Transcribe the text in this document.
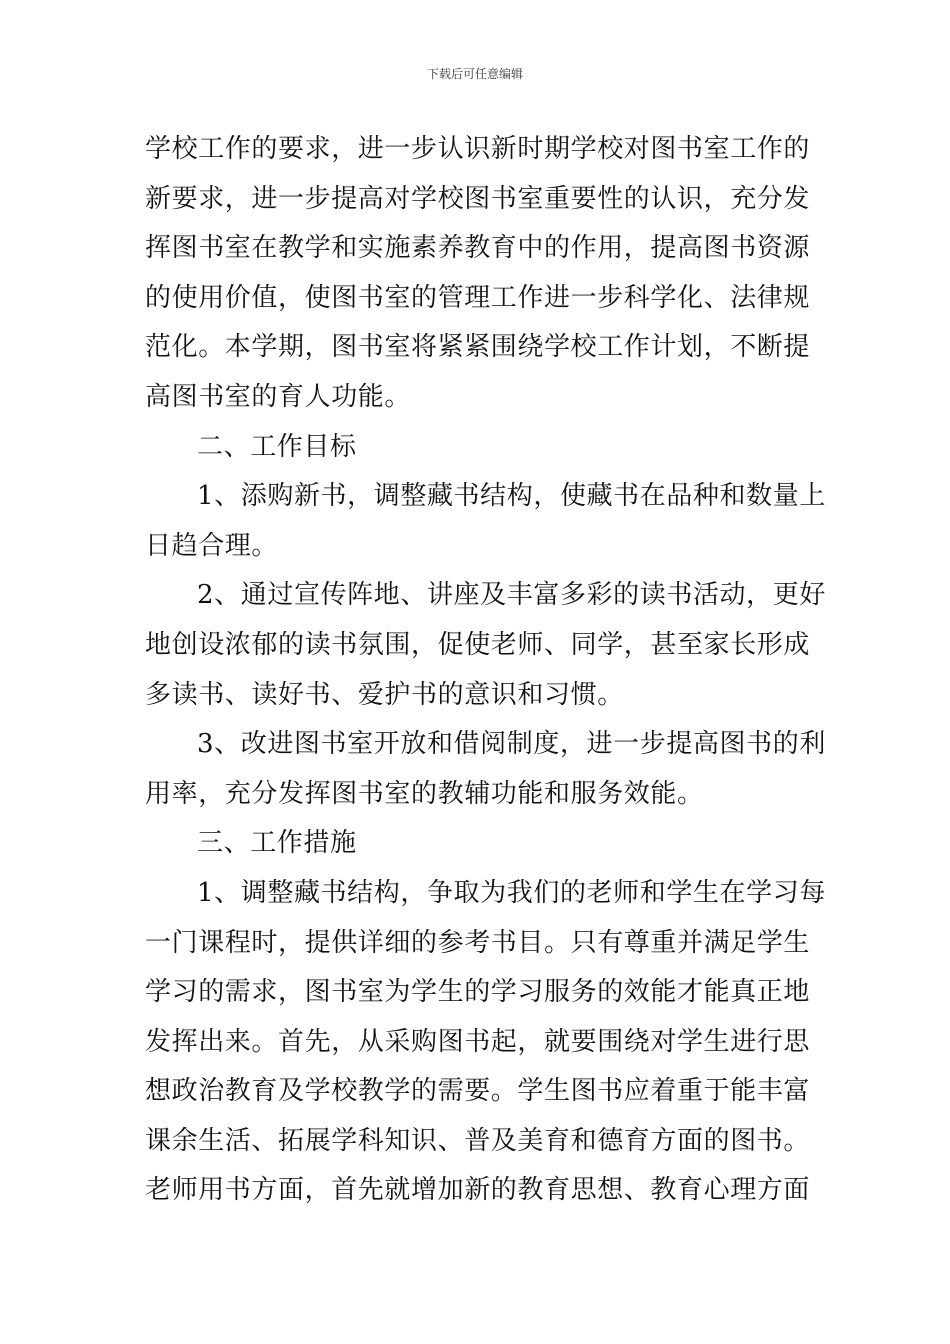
下载后可任意编辑
学校工作的要求，进一步认识新时期学校对图书室工作的
新要求，进一步提高对学校图书室重要性的认识，充分发
挥图书室在教学和实施素养教育中的作用，提高图书资源
的使用价值，使图书室的管理工作进一步科学化、法律规
范化。本学期，图书室将紧紧围绕学校工作计划，不断提
高图书室的育人功能。
二、工作目标
1、添购新书，调整藏书结构，使藏书在品种和数量上
日趋合理。
2、通过宣传阵地、讲座及丰富多彩的读书活动，更好
地创设浓郁的读书氛围，促使老师、同学，甚至家长形成
多读书、读好书、爱护书的意识和习惯。
3、改进图书室开放和借阅制度，进一步提高图书的利
用率，充分发挥图书室的教辅功能和服务效能。
三、工作措施
1、调整藏书结构，争取为我们的老师和学生在学习每
一门课程时，提供详细的参考书目。只有尊重并满足学生
学习的需求，图书室为学生的学习服务的效能才能真正地
发挥出来。首先，从采购图书起，就要围绕对学生进行思
想政治教育及学校教学的需要。学生图书应着重于能丰富
课余生活、拓展学科知识、普及美育和德育方面的图书。
老师用书方面，首先就增加新的教育思想、教育心理方面
